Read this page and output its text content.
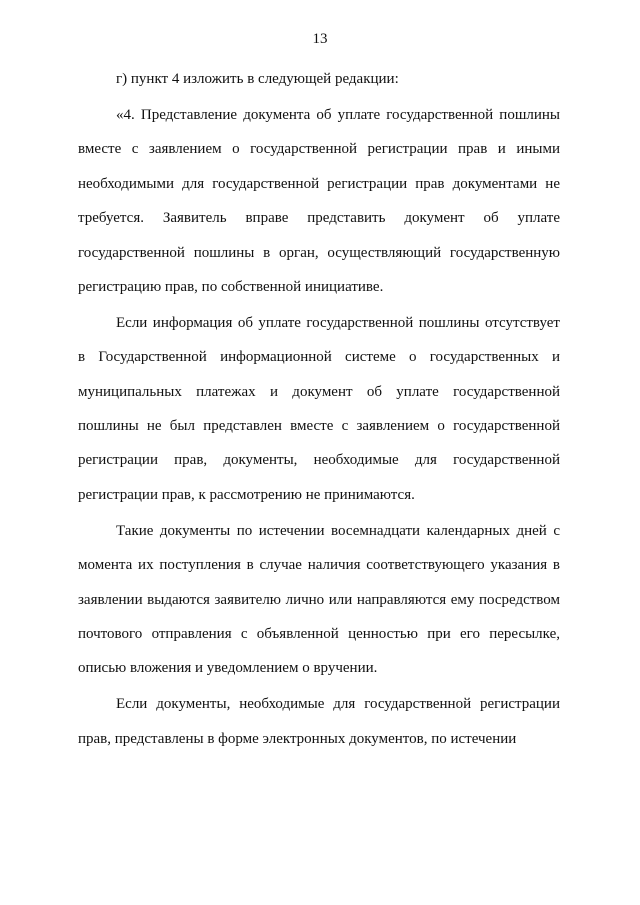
13

г) пункт 4 изложить в следующей редакции:

«4. Представление документа об уплате государственной пошлины вместе с заявлением о государственной регистрации прав и иными необходимыми для государственной регистрации прав документами не требуется. Заявитель вправе представить документ об уплате государственной пошлины в орган, осуществляющий государственную регистрацию прав, по собственной инициативе.

Если информация об уплате государственной пошлины отсутствует в Государственной информационной системе о государственных и муниципальных платежах и документ об уплате государственной пошлины не был представлен вместе с заявлением о государственной регистрации прав, документы, необходимые для государственной регистрации прав, к рассмотрению не принимаются.

Такие документы по истечении восемнадцати календарных дней с момента их поступления в случае наличия соответствующего указания в заявлении выдаются заявителю лично или направляются ему посредством почтового отправления с объявленной ценностью при его пересылке, описью вложения и уведомлением о вручении.

Если документы, необходимые для государственной регистрации прав, представлены в форме электронных документов, по истечении
